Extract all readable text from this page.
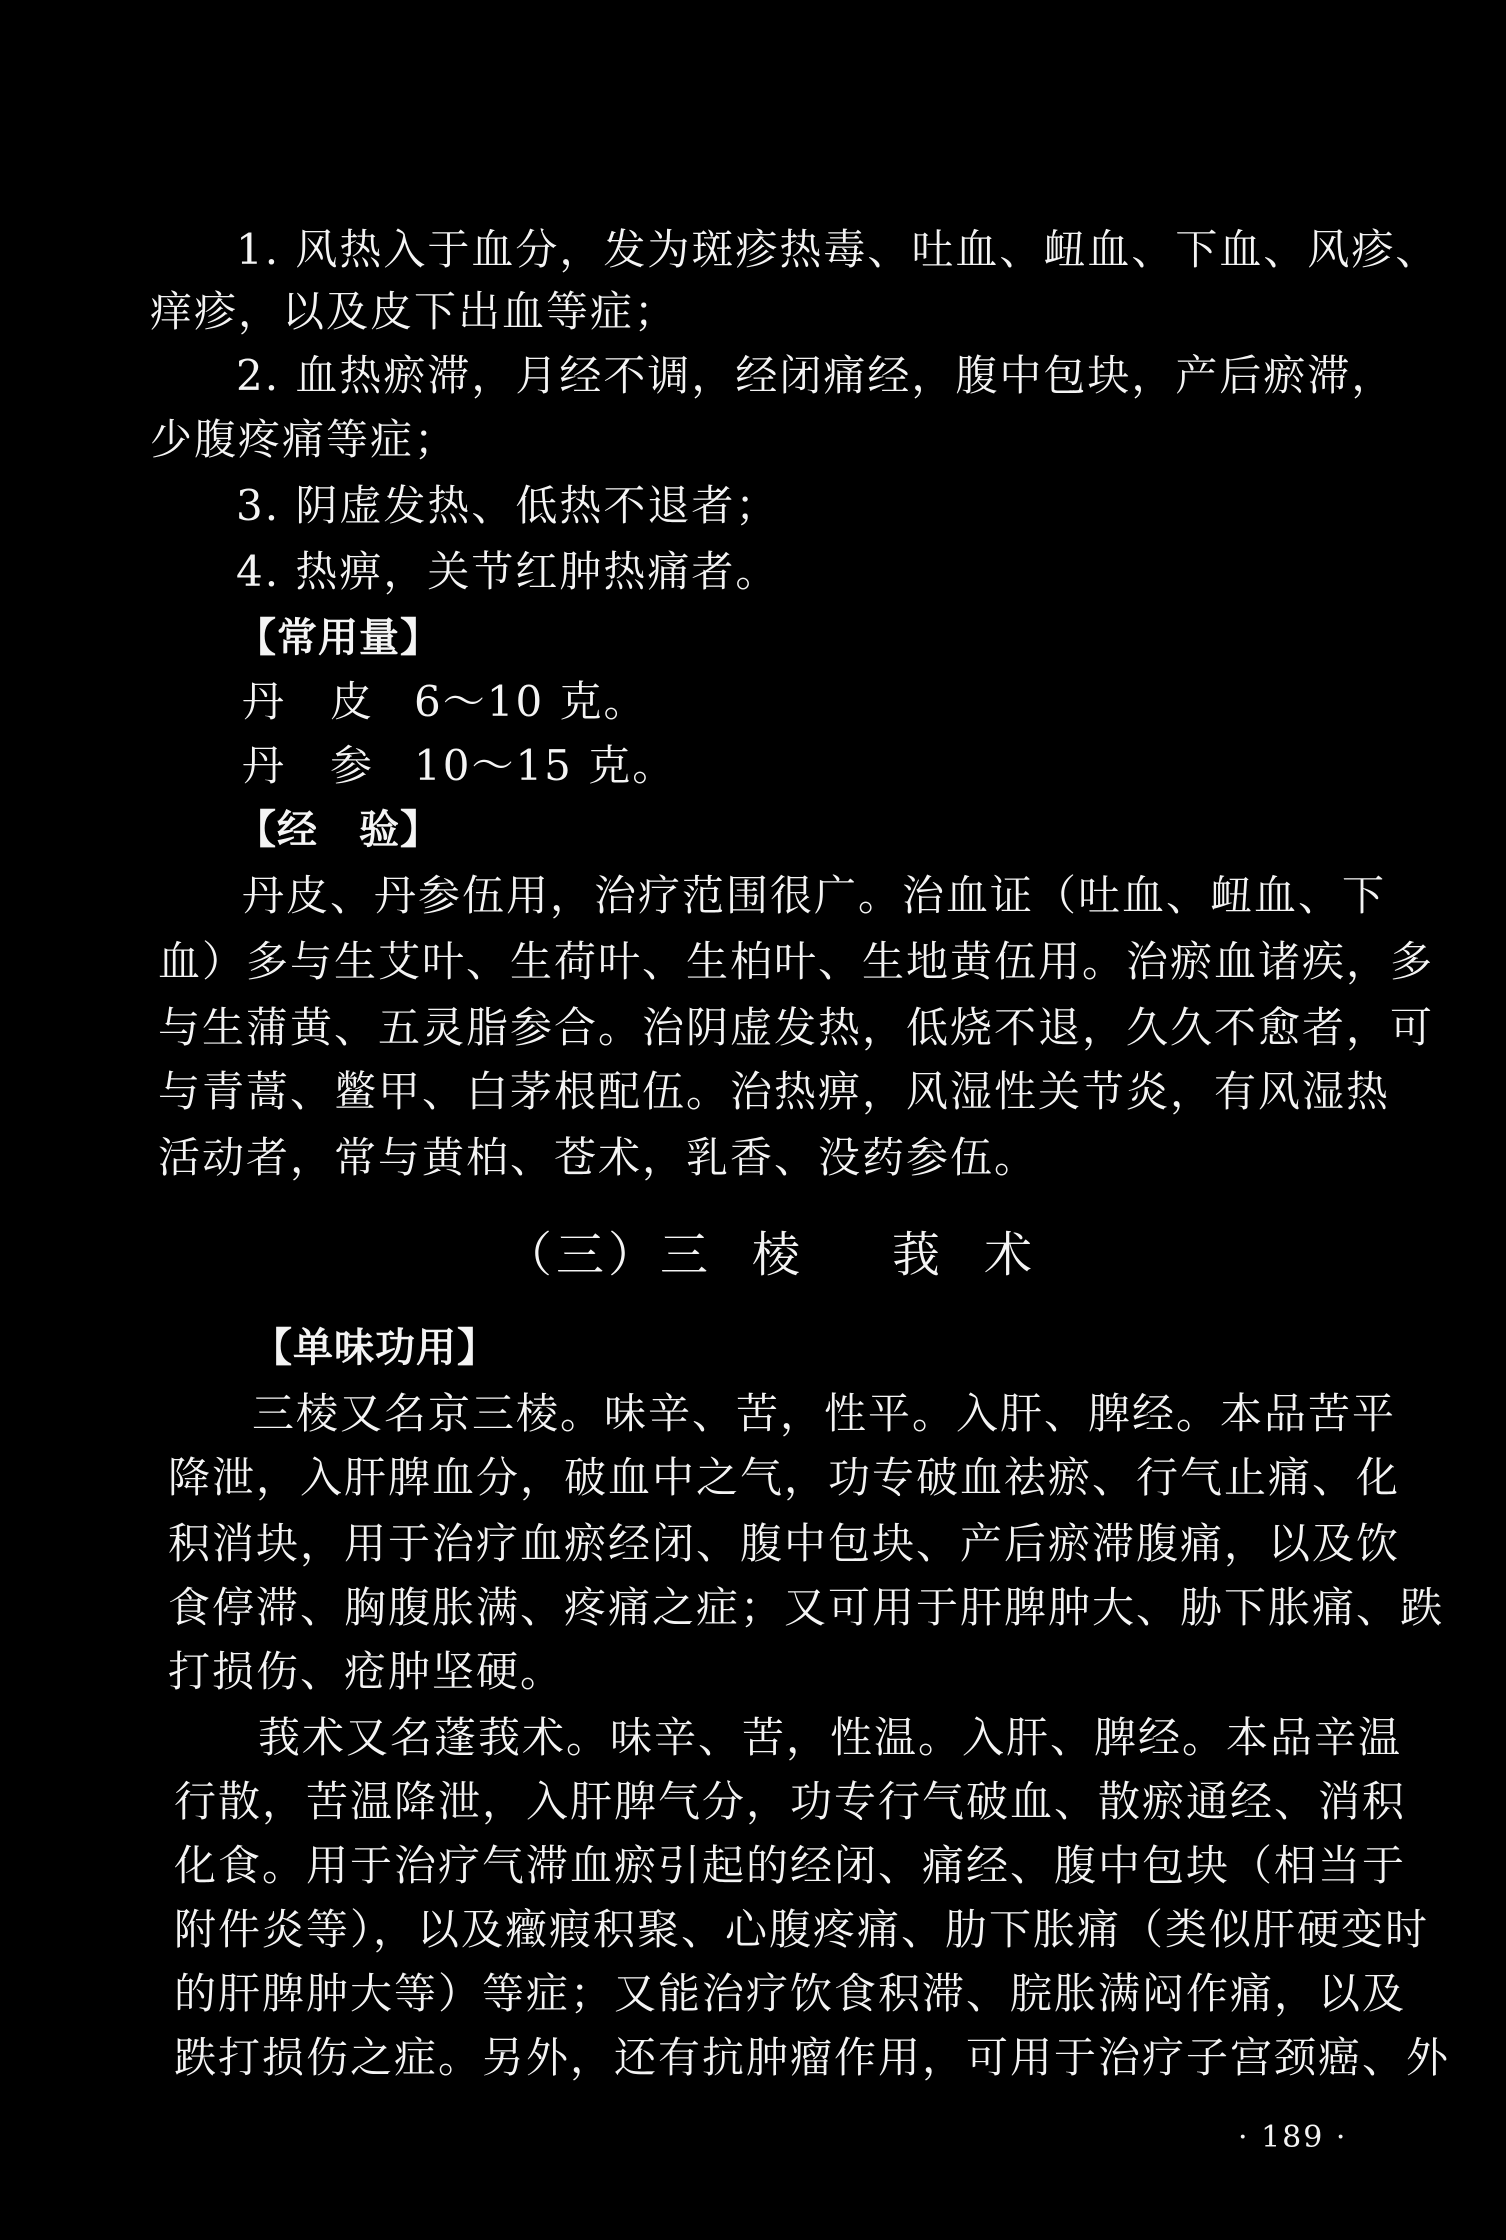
1. 风热入于血分，发为斑疹热毒、吐血、衄血、下血、风疹、
痒疹，以及皮下出血等症；
2. 血热瘀滞，月经不调，经闭痛经，腹中包块，产后瘀滞，
少腹疼痛等症；
3. 阴虚发热、低热不退者；
4. 热痹，关节红肿热痛者。
【常用量】
丹　皮 6～10 克。
丹　参 10～15 克。
【经　验】
丹皮、丹参伍用，治疗范围很广。治血证（吐血、衄血、下
血）多与生艾叶、生荷叶、生柏叶、生地黄伍用。治瘀血诸疾，多
与生蒲黄、五灵脂参合。治阴虚发热，低烧不退，久久不愈者，可
与青蒿、鳖甲、白茅根配伍。治热痹，风湿性关节炎，有风湿热
活动者，常与黄柏、苍术，乳香、没药参伍。
（三）三 棱 莪 术
【单味功用】
三棱又名京三棱。味辛、苦，性平。入肝、脾经。本品苦平
降泄，入肝脾血分，破血中之气，功专破血祛瘀、行气止痛、化
积消块，用于治疗血瘀经闭、腹中包块、产后瘀滞腹痛，以及饮
食停滞、胸腹胀满、疼痛之症；又可用于肝脾肿大、胁下胀痛、跌
打损伤、疮肿坚硬。
莪术又名蓬莪术。味辛、苦，性温。入肝、脾经。本品辛温
行散，苦温降泄，入肝脾气分，功专行气破血、散瘀通经、消积
化食。用于治疗气滞血瘀引起的经闭、痛经、腹中包块（相当于
附件炎等），以及癥瘕积聚、心腹疼痛、肋下胀痛（类似肝硬变时
的肝脾肿大等）等症；又能治疗饮食积滞、脘胀满闷作痛，以及
跌打损伤之症。另外，还有抗肿瘤作用，可用于治疗子宫颈癌、外
· 189 ·
